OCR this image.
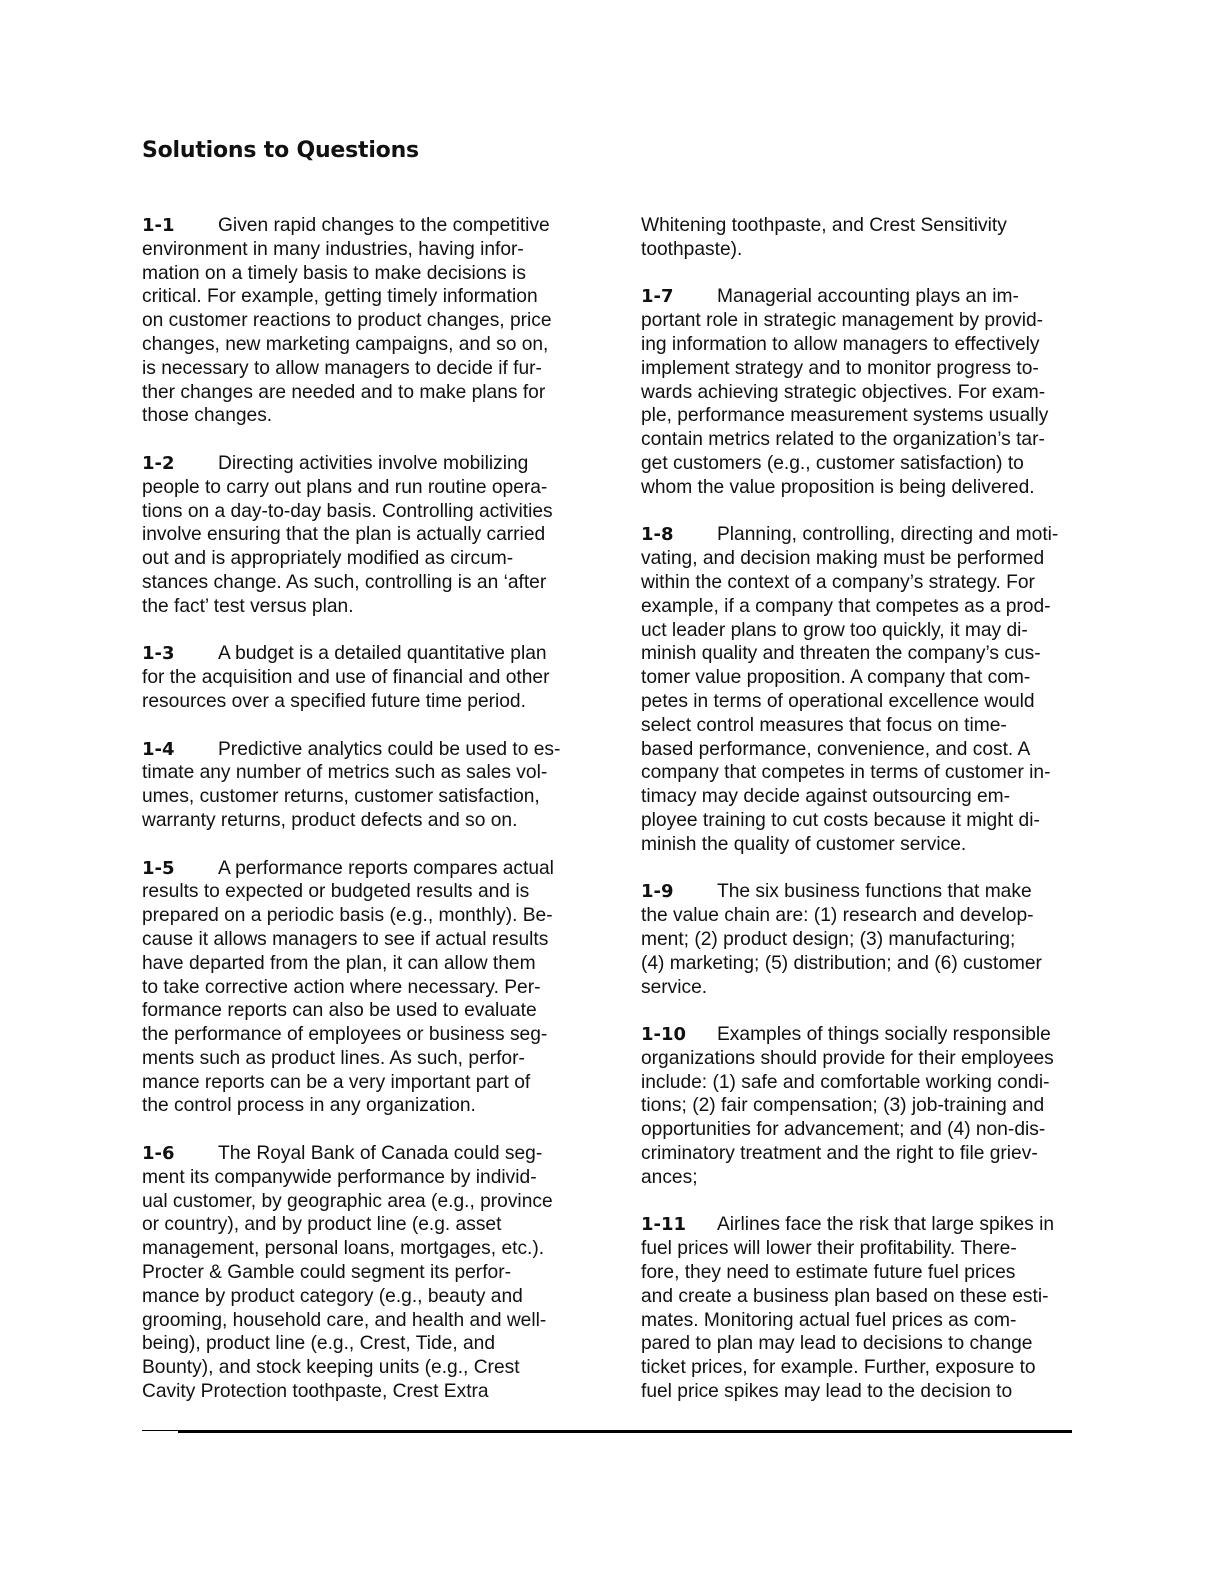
Solutions to Questions
1-1 Given rapid changes to the competitive
environment in many industries, having infor-
mation on a timely basis to make decisions is
critical. For example, getting timely information
on customer reactions to product changes, price
changes, new marketing campaigns, and so on,
is necessary to allow managers to decide if fur-
ther changes are needed and to make plans for
those changes.
1-2 Directing activities involve mobilizing
people to carry out plans and run routine opera-
tions on a day-to-day basis. Controlling activities
involve ensuring that the plan is actually carried
out and is appropriately modified as circum-
stances change. As such, controlling is an ‘after
the fact’ test versus plan.
1-3 A budget is a detailed quantitative plan
for the acquisition and use of financial and other
resources over a specified future time period.
1-4 Predictive analytics could be used to es-
timate any number of metrics such as sales vol-
umes, customer returns, customer satisfaction,
warranty returns, product defects and so on.
1-5 A performance reports compares actual
results to expected or budgeted results and is
prepared on a periodic basis (e.g., monthly). Be-
cause it allows managers to see if actual results
have departed from the plan, it can allow them
to take corrective action where necessary. Per-
formance reports can also be used to evaluate
the performance of employees or business seg-
ments such as product lines. As such, perfor-
mance reports can be a very important part of
the control process in any organization.
1-6 The Royal Bank of Canada could seg-
ment its companywide performance by individ-
ual customer, by geographic area (e.g., province
or country), and by product line (e.g. asset
management, personal loans, mortgages, etc.).
Procter & Gamble could segment its perfor-
mance by product category (e.g., beauty and
grooming, household care, and health and well-
being), product line (e.g., Crest, Tide, and
Bounty), and stock keeping units (e.g., Crest
Cavity Protection toothpaste, Crest Extra
Whitening toothpaste, and Crest Sensitivity
toothpaste).
1-7 Managerial accounting plays an im-
portant role in strategic management by provid-
ing information to allow managers to effectively
implement strategy and to monitor progress to-
wards achieving strategic objectives. For exam-
ple, performance measurement systems usually
contain metrics related to the organization’s tar-
get customers (e.g., customer satisfaction) to
whom the value proposition is being delivered.
1-8 Planning, controlling, directing and moti-
vating, and decision making must be performed
within the context of a company’s strategy. For
example, if a company that competes as a prod-
uct leader plans to grow too quickly, it may di-
minish quality and threaten the company’s cus-
tomer value proposition. A company that com-
petes in terms of operational excellence would
select control measures that focus on time-
based performance, convenience, and cost. A
company that competes in terms of customer in-
timacy may decide against outsourcing em-
ployee training to cut costs because it might di-
minish the quality of customer service.
1-9 The six business functions that make
the value chain are: (1) research and develop-
ment; (2) product design; (3) manufacturing;
(4) marketing; (5) distribution; and (6) customer
service.
1-10 Examples of things socially responsible
organizations should provide for their employees
include: (1) safe and comfortable working condi-
tions; (2) fair compensation; (3) job-training and
opportunities for advancement; and (4) non-dis-
criminatory treatment and the right to file griev-
ances;
1-11 Airlines face the risk that large spikes in
fuel prices will lower their profitability. There-
fore, they need to estimate future fuel prices
and create a business plan based on these esti-
mates. Monitoring actual fuel prices as com-
pared to plan may lead to decisions to change
ticket prices, for example. Further, exposure to
fuel price spikes may lead to the decision to
